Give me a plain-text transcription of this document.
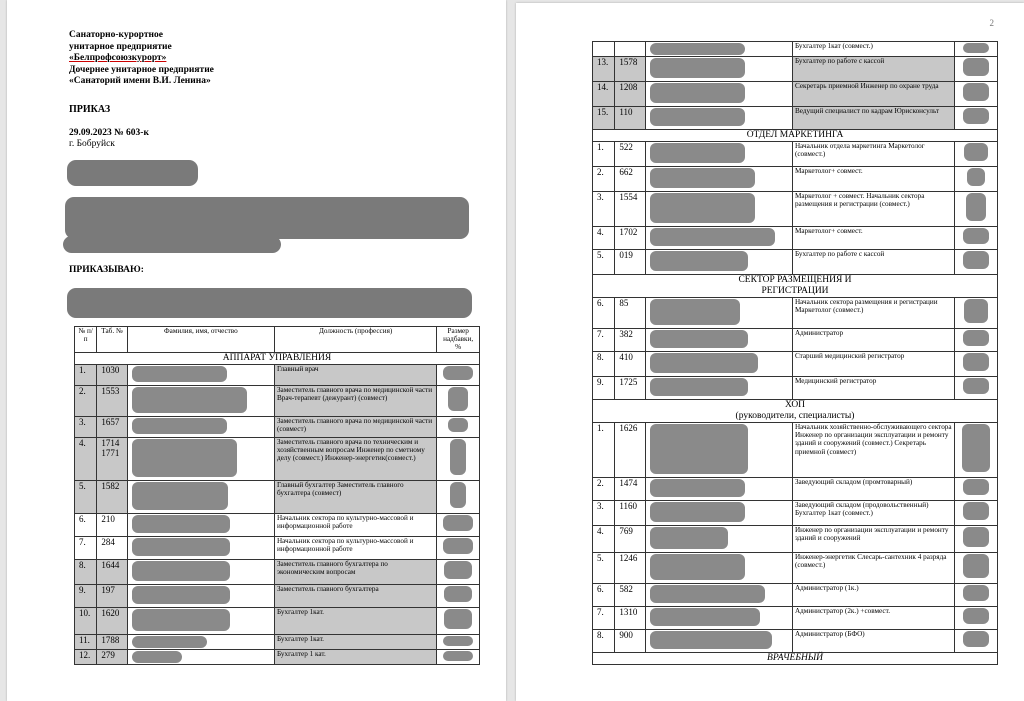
Санаторно-курортное
унитарное предприятие
«Белпрофсоюзкурорт»
Дочернее унитарное предприятие
«Санаторий имени В.И. Ленина»
ПРИКАЗ
29.09.2023 № 603-к
г. Бобруйск
ПРИКАЗЫВАЮ:
№ п/п	Таб. №	Фамилия, имя, отчество	Должность (профессия)	Размер надбавки, %
АППАРАТ УПРАВЛЕНИЯ				
1.	1030		Главный врач	

2.	1553		Заместитель главного врача по медицинской части Врач-терапевт (дежурант) (совмест)	

3.	1657		Заместитель главного врача по медицинской части (совмест)	

4.	1714 1771		Заместитель главного врача по техническим и хозяйственным вопросам Инженер по сметному делу (совмест.) Инженер-энергетик(совмест.)	

5.	1582		Главный бухгалтер Заместитель главного бухгалтера (совмест)	

6.	210		Начальник сектора по культурно-массовой и информационной работе	

7.	284		Начальник сектора по культурно-массовой и информационной работе	

8.	1644		Заместитель главного бухгалтера по экономическим вопросам	

9.	197		Заместитель главного бухгалтера	

10.	1620		Бухгалтер 1кат.	

11.	1788		Бухгалтер 1кат.	

12.	279		Бухгалтер 1 кат.	
2

	Бухгалтер 1кат (совмест.)	

13.	1578		Бухгалтер по работе с кассой	

14.	1208		Секретарь приемной Инженер по охране труда	

15.	110		Ведущий специалист по кадрам Юрисконсульт	

ОТДЕЛ МАРКЕТИНГА				
1.	522		Начальник отдела маркетинга Маркетолог (совмест.)	

2.	662		Маркетолог+ совмест.	

3.	1554		Маркетолог + совмест. Начальник сектора размещения и регистрации (совмест.)	

4.	1702		Маркетолог+ совмест.	

5.	019		Бухгалтер по работе с кассой	

СЕКТОР РАЗМЕЩЕНИЯ И РЕГИСТРАЦИИ				

6.	85		Начальник сектора размещения и регистрации Маркетолог (совмест.)	

7.	382		Администратор	

8.	410		Старший медицинский регистратор	

9.	1725		Медицинский регистратор	

ХОП
(руководители, специалисты)				

1.	1626		Начальник хозяйственно-обслуживающего сектора Инженер по организации эксплуатации и ремонту зданий и сооружений (совмест.) Секретарь приемной (совмест)	

2.	1474		Заведующий складом (промтоварный)	

3.	1160		Заведующий складом (продовольственный) Бухгалтер 1кат (совмест.)	

4.	769		Инженер по организации эксплуатации и ремонту зданий и сооружений	

5.	1246		Инженер-энергетик Слесарь-сантехник 4 разряда (совмест.)	

6.	582		Администратор (1к.)	

7.	1310		Администратор (2к.) +совмест.	

8.	900		Администратор (БФО)	

ВРАЧЕБНЫЙ				
